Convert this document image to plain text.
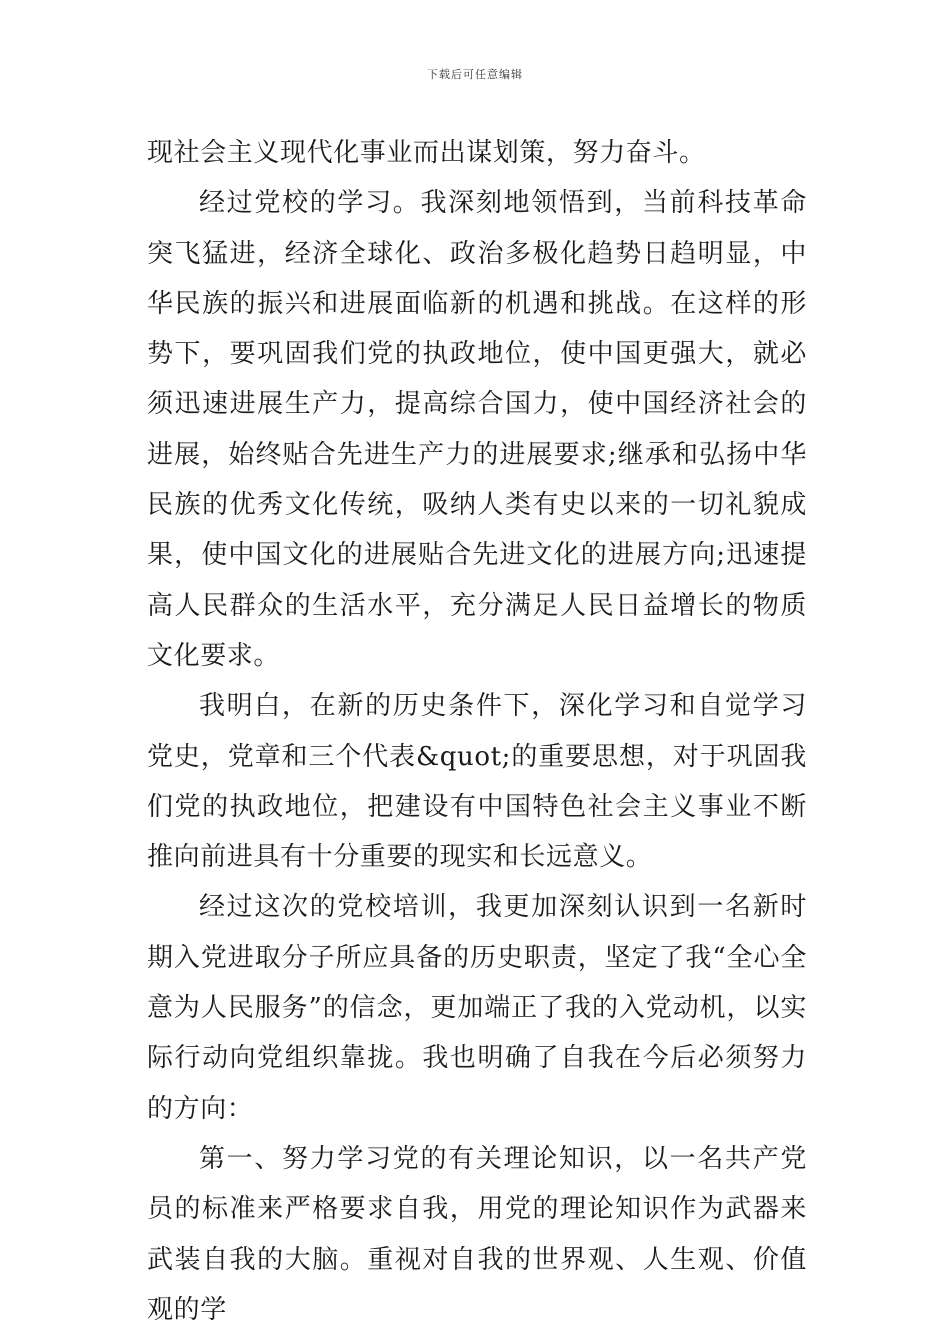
下载后可任意编辑

现社会主义现代化事业而出谋划策，努力奋斗。

经过党校的学习。我深刻地领悟到，当前科技革命突飞猛进，经济全球化、政治多极化趋势日趋明显，中华民族的振兴和进展面临新的机遇和挑战。在这样的形势下，要巩固我们党的执政地位，使中国更强大，就必须迅速进展生产力，提高综合国力，使中国经济社会的进展，始终贴合先进生产力的进展要求;继承和弘扬中华民族的优秀文化传统，吸纳人类有史以来的一切礼貌成果，使中国文化的进展贴合先进文化的进展方向;迅速提高人民群众的生活水平，充分满足人民日益增长的物质文化要求。

我明白，在新的历史条件下，深化学习和自觉学习党史，党章和三个代表&quot;的重要思想，对于巩固我们党的执政地位，把建设有中国特色社会主义事业不断推向前进具有十分重要的现实和长远意义。

经过这次的党校培训，我更加深刻认识到一名新时期入党进取分子所应具备的历史职责，坚定了我“全心全意为人民服务”的信念，更加端正了我的入党动机，以实际行动向党组织靠拢。我也明确了自我在今后必须努力的方向：

第一、努力学习党的有关理论知识，以一名共产党员的标准来严格要求自我，用党的理论知识作为武器来武装自我的大脑。重视对自我的世界观、人生观、价值观的学
